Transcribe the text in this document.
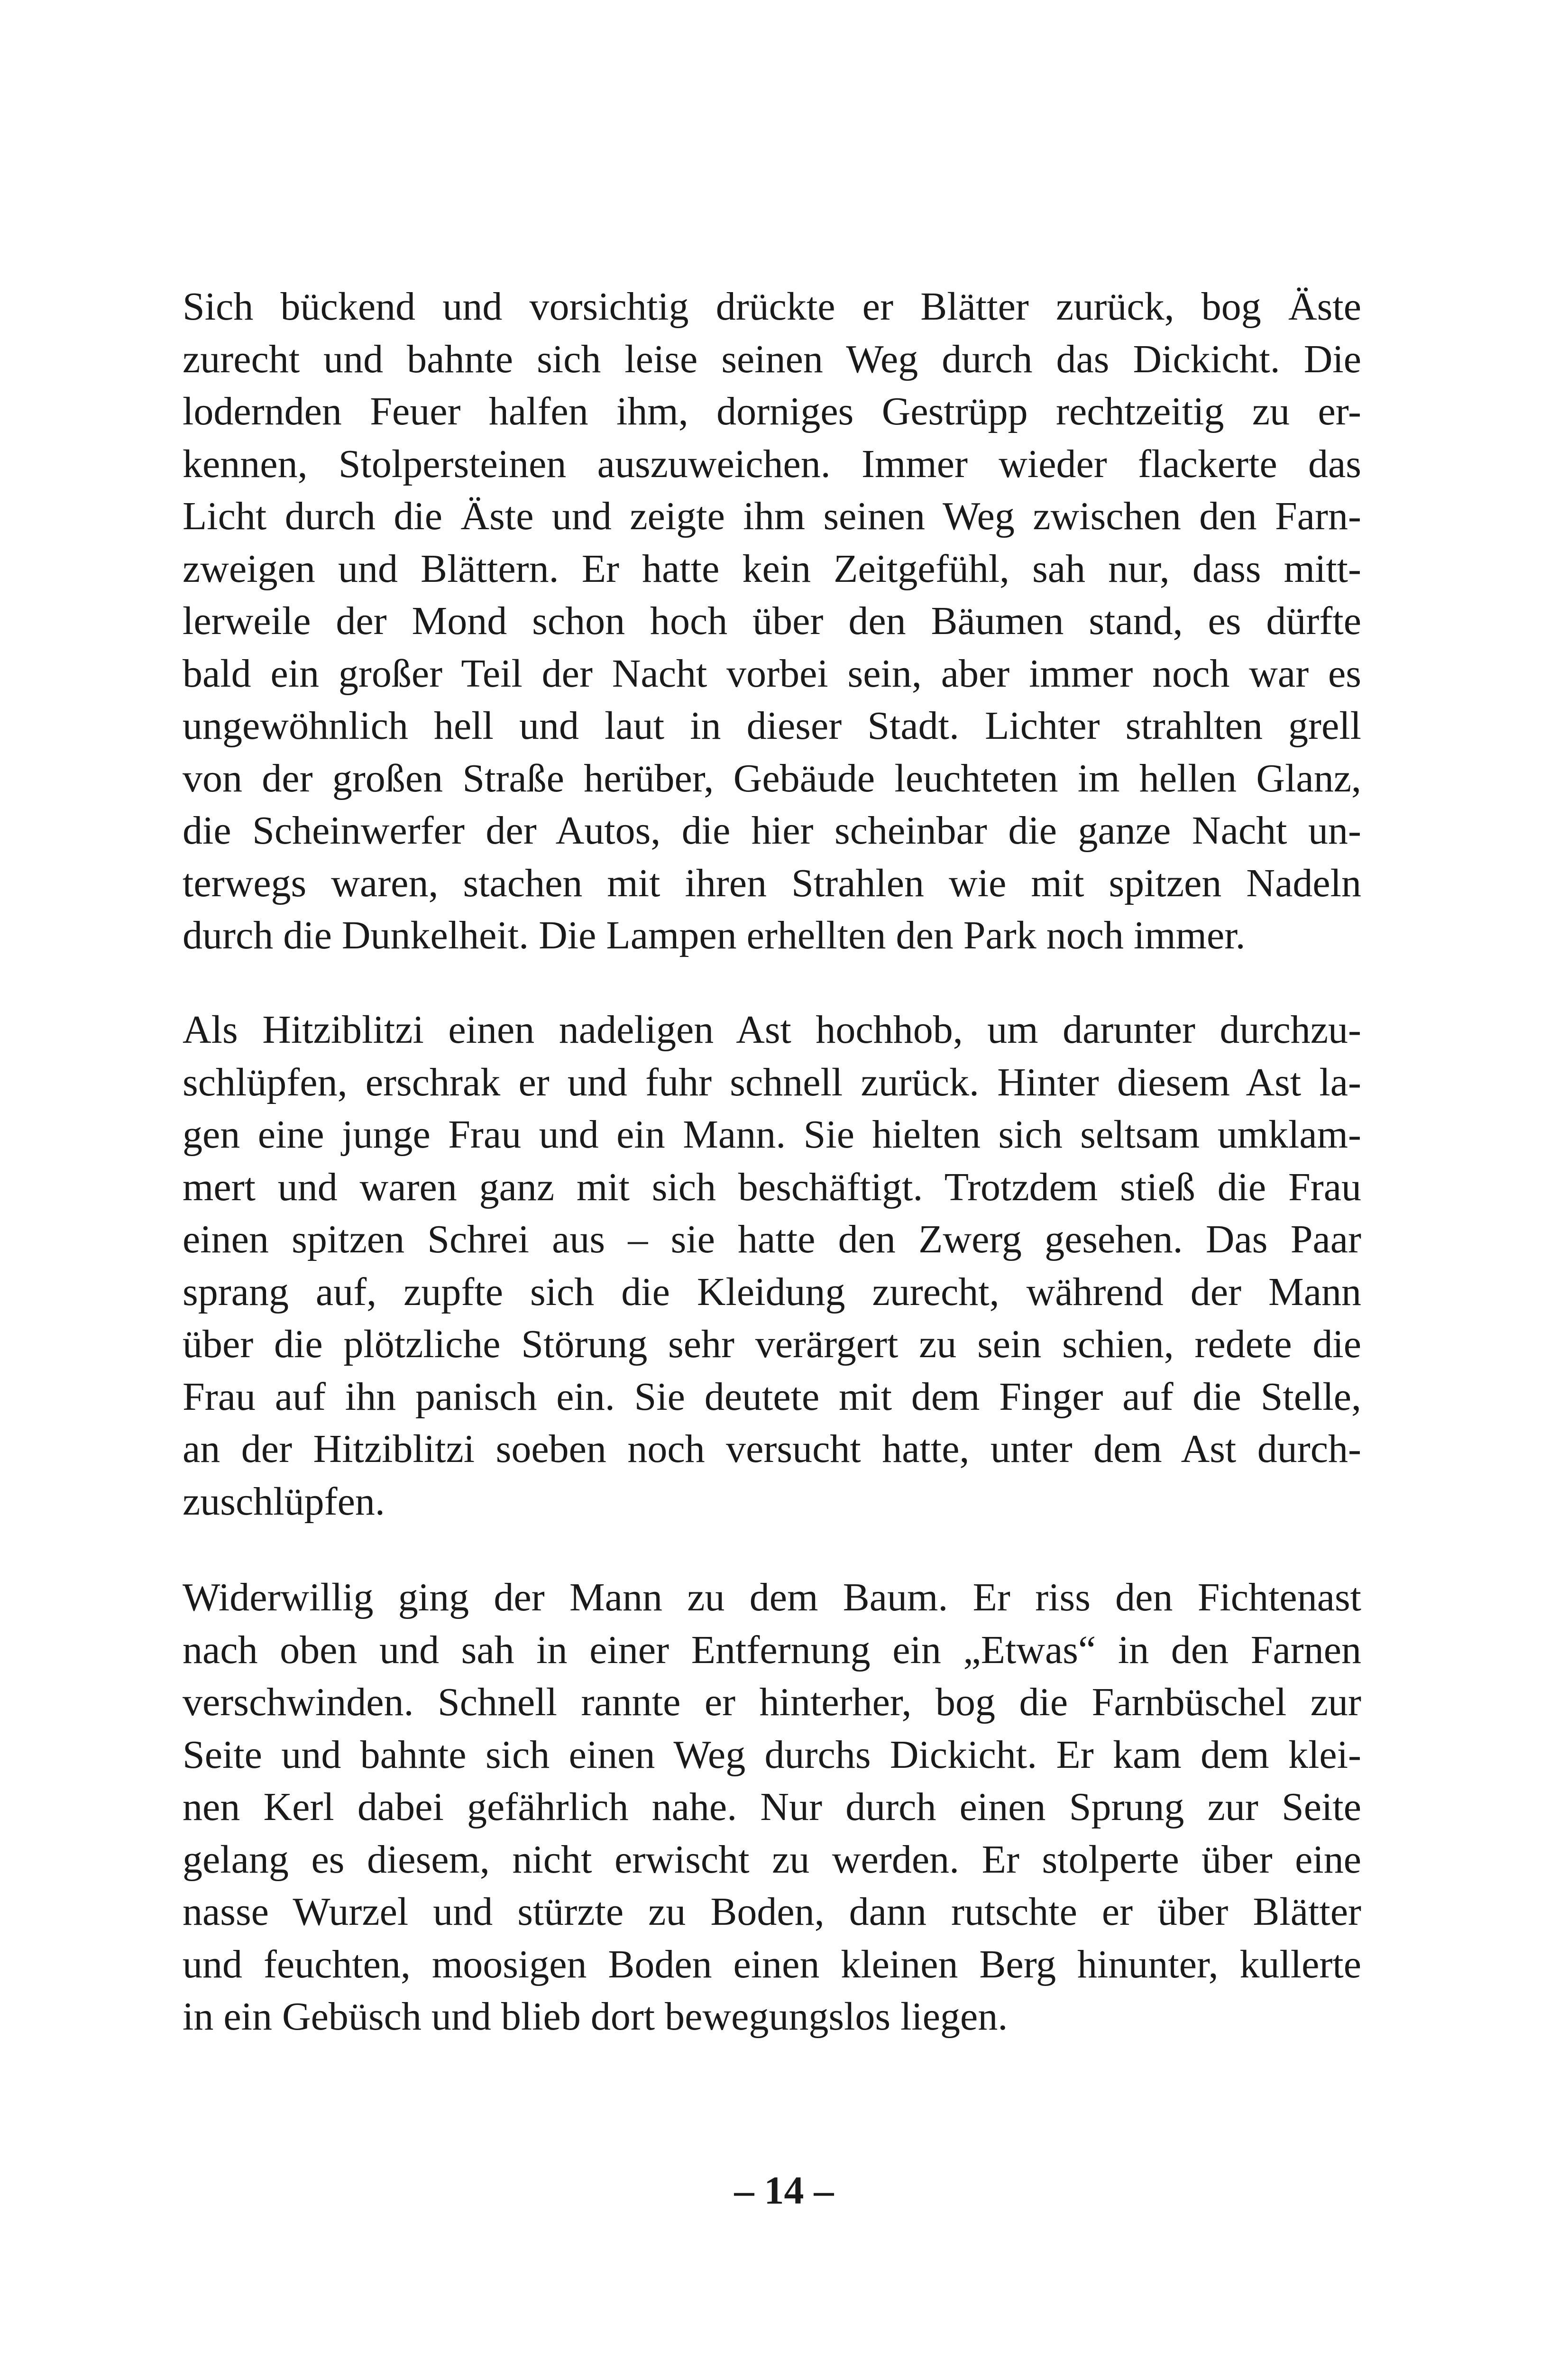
Sich bückend und vorsichtig drückte er Blätter zurück, bog Äste
zurecht und bahnte sich leise seinen Weg durch das Dickicht. Die
lodernden Feuer halfen ihm, dorniges Gestrüpp rechtzeitig zu er-
kennen, Stolpersteinen auszuweichen. Immer wieder flackerte das
Licht durch die Äste und zeigte ihm seinen Weg zwischen den Farn-
zweigen und Blättern. Er hatte kein Zeitgefühl, sah nur, dass mitt-
lerweile der Mond schon hoch über den Bäumen stand, es dürfte
bald ein großer Teil der Nacht vorbei sein, aber immer noch war es
ungewöhnlich hell und laut in dieser Stadt. Lichter strahlten grell
von der großen Straße herüber, Gebäude leuchteten im hellen Glanz,
die Scheinwerfer der Autos, die hier scheinbar die ganze Nacht un-
terwegs waren, stachen mit ihren Strahlen wie mit spitzen Nadeln
durch die Dunkelheit. Die Lampen erhellten den Park noch immer.
Als Hitziblitzi einen nadeligen Ast hochhob, um darunter durchzu-
schlüpfen, erschrak er und fuhr schnell zurück. Hinter diesem Ast la-
gen eine junge Frau und ein Mann. Sie hielten sich seltsam umklam-
mert und waren ganz mit sich beschäftigt. Trotzdem stieß die Frau
einen spitzen Schrei aus – sie hatte den Zwerg gesehen. Das Paar
sprang auf, zupfte sich die Kleidung zurecht, während der Mann
über die plötzliche Störung sehr verärgert zu sein schien, redete die
Frau auf ihn panisch ein. Sie deutete mit dem Finger auf die Stelle,
an der Hitziblitzi soeben noch versucht hatte, unter dem Ast durch-
zuschlüpfen.
Widerwillig ging der Mann zu dem Baum. Er riss den Fichtenast
nach oben und sah in einer Entfernung ein „Etwas“ in den Farnen
verschwinden. Schnell rannte er hinterher, bog die Farnbüschel zur
Seite und bahnte sich einen Weg durchs Dickicht. Er kam dem klei-
nen Kerl dabei gefährlich nahe. Nur durch einen Sprung zur Seite
gelang es diesem, nicht erwischt zu werden. Er stolperte über eine
nasse Wurzel und stürzte zu Boden, dann rutschte er über Blätter
und feuchten, moosigen Boden einen kleinen Berg hinunter, kullerte
in ein Gebüsch und blieb dort bewegungslos liegen.
– 14 –
